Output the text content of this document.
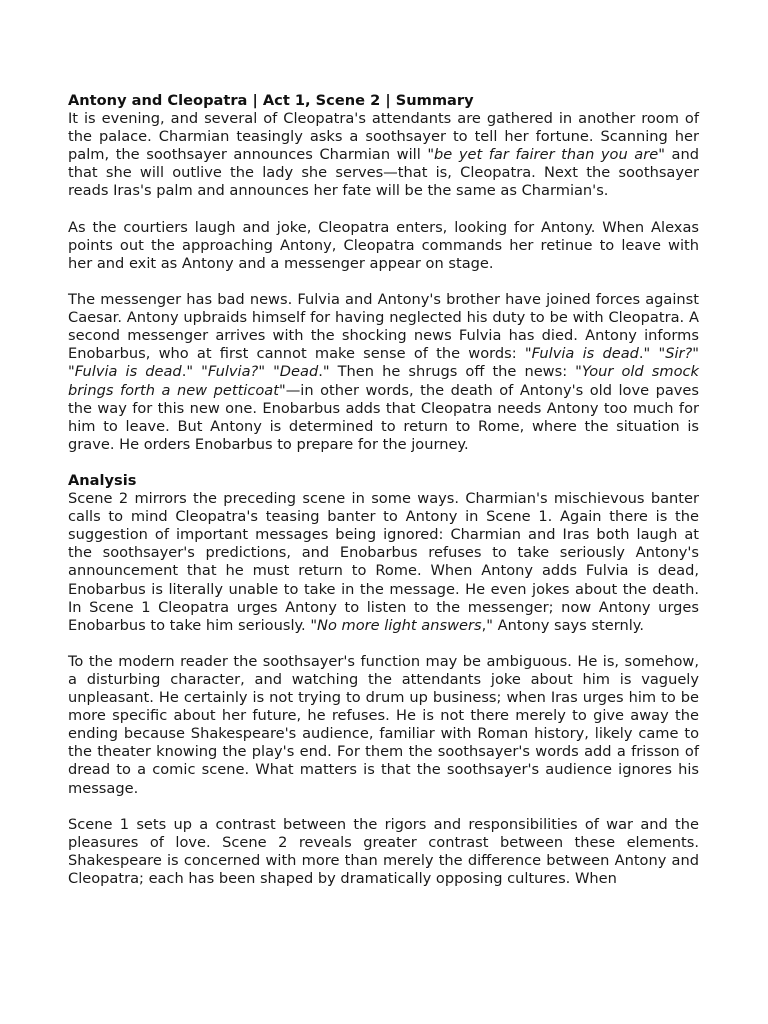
Antony and Cleopatra | Act 1, Scene 2 | Summary

It is evening, and several of Cleopatra's attendants are gathered in another room of the palace. Charmian teasingly asks a soothsayer to tell her fortune. Scanning her palm, the soothsayer announces Charmian will "be yet far fairer than you are" and that she will outlive the lady she serves—that is, Cleopatra. Next the soothsayer reads Iras's palm and announces her fate will be the same as Charmian's.

As the courtiers laugh and joke, Cleopatra enters, looking for Antony. When Alexas points out the approaching Antony, Cleopatra commands her retinue to leave with her and exit as Antony and a messenger appear on stage.

The messenger has bad news. Fulvia and Antony's brother have joined forces against Caesar. Antony upbraids himself for having neglected his duty to be with Cleopatra. A second messenger arrives with the shocking news Fulvia has died. Antony informs Enobarbus, who at first cannot make sense of the words: "Fulvia is dead." "Sir?" "Fulvia is dead." "Fulvia?" "Dead." Then he shrugs off the news: "Your old smock brings forth a new petticoat"—in other words, the death of Antony's old love paves the way for this new one. Enobarbus adds that Cleopatra needs Antony too much for him to leave. But Antony is determined to return to Rome, where the situation is grave. He orders Enobarbus to prepare for the journey.

Analysis

Scene 2 mirrors the preceding scene in some ways. Charmian's mischievous banter calls to mind Cleopatra's teasing banter to Antony in Scene 1. Again there is the suggestion of important messages being ignored: Charmian and Iras both laugh at the soothsayer's predictions, and Enobarbus refuses to take seriously Antony's announcement that he must return to Rome. When Antony adds Fulvia is dead, Enobarbus is literally unable to take in the message. He even jokes about the death. In Scene 1 Cleopatra urges Antony to listen to the messenger; now Antony urges Enobarbus to take him seriously. "No more light answers," Antony says sternly.

To the modern reader the soothsayer's function may be ambiguous. He is, somehow, a disturbing character, and watching the attendants joke about him is vaguely unpleasant. He certainly is not trying to drum up business; when Iras urges him to be more specific about her future, he refuses. He is not there merely to give away the ending because Shakespeare's audience, familiar with Roman history, likely came to the theater knowing the play's end. For them the soothsayer's words add a frisson of dread to a comic scene. What matters is that the soothsayer's audience ignores his message.

Scene 1 sets up a contrast between the rigors and responsibilities of war and the pleasures of love. Scene 2 reveals greater contrast between these elements. Shakespeare is concerned with more than merely the difference between Antony and Cleopatra; each has been shaped by dramatically opposing cultures. When
